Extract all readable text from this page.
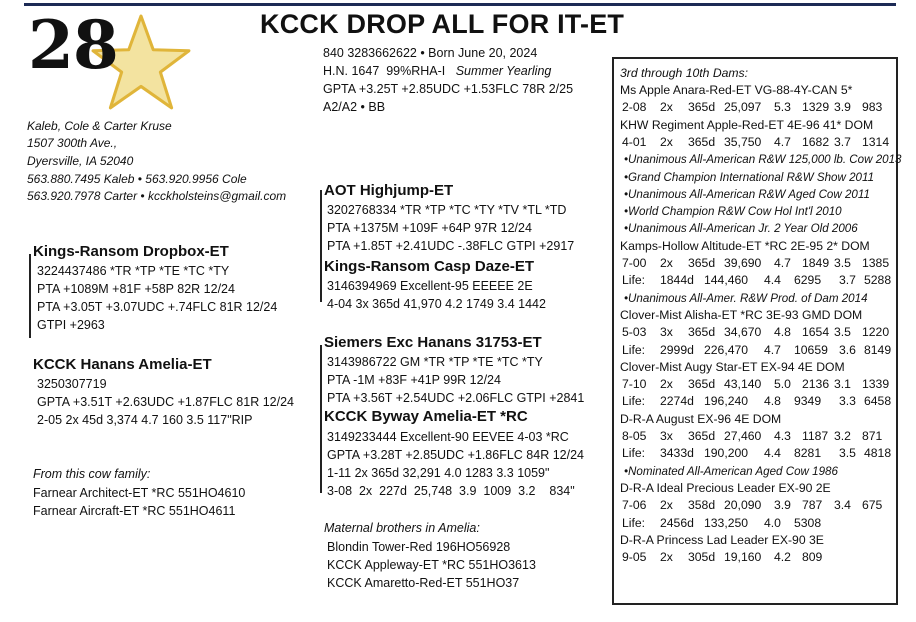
28	KCCK DROP ALL FOR IT-ET
840 3283662622 • Born June 20, 2024
H.N. 1647  99%RHA-I   Summer Yearling
GPTA +3.25T +2.85UDC +1.53FLC 78R 2/25
A2/A2 • BB
Kaleb, Cole & Carter Kruse
1507 300th Ave.,
Dyersville, IA 52040
563.880.7495 Kaleb • 563.920.9956 Cole
563.920.7978 Carter • kcckholsteins@gmail.com
Kings-Ransom Dropbox-ET
3224437486 *TR *TP *TE *TC *TY
PTA +1089M +81F +58P 82R 12/24
PTA +3.05T +3.07UDC +.74FLC 81R 12/24
GTPI +2963
KCCK Hanans Amelia-ET
3250307719
GPTA +3.51T +2.63UDC +1.87FLC 81R 12/24
2-05 2x 45d 3,374 4.7 160 3.5 117"RIP
From this cow family:
Farnear Architect-ET *RC 551HO4610
Farnear Aircraft-ET *RC 551HO4611
AOT Highjump-ET
3202768334 *TR *TP *TC *TY *TV *TL *TD
PTA +1375M +109F +64P 97R 12/24
PTA +1.85T +2.41UDC -.38FLC GTPI +2917
Kings-Ransom Casp Daze-ET
3146394969 Excellent-95 EEEEE 2E
4-04 3x 365d 41,970 4.2 1749 3.4 1442
Siemers Exc Hanans 31753-ET
3143986722 GM *TR *TP *TE *TC *TY
PTA -1M +83F +41P 99R 12/24
PTA +3.56T +2.54UDC +2.06FLC GTPI +2841
KCCK Byway Amelia-ET *RC
3149233444 Excellent-90 EEVEE 4-03 *RC
GPTA +3.28T +2.85UDC +1.86FLC 84R 12/24
1-11 2x 365d 32,291 4.0 1283 3.3 1059"
3-08  2x  227d  25,748  3.9  1009  3.2    834"
Maternal brothers in Amelia:
Blondin Tower-Red 196HO56928
KCCK Appleway-ET *RC 551HO3613
KCCK Amaretto-Red-ET 551HO37
3rd through 10th Dams:
Ms Apple Anara-Red-ET VG-88-4Y-CAN 5*
2-08 2x 365d 25,097 5.3 1329 3.9 983
KHW Regiment Apple-Red-ET 4E-96 41* DOM
4-01 2x 365d 35,750 4.7 1682 3.7 1314
•Unanimous All-American R&W 125,000 lb. Cow 2013
•Grand Champion International R&W Show 2011
•Unanimous All-American R&W Aged Cow 2011
•World Champion R&W Cow Hol Int'l 2010
•Unanimous All-American Jr. 2 Year Old 2006
Kamps-Hollow Altitude-ET *RC 2E-95 2* DOM
7-00 2x 365d 39,690 4.7 1849 3.5 1385
Life: 1844d 144,460 4.4 6295 3.7 5288
•Unanimous All-Amer. R&W Prod. of Dam 2014
Clover-Mist Alisha-ET *RC 3E-93 GMD DOM
5-03 3x 365d 34,670 4.8 1654 3.5 1220
Life: 2999d 226,470 4.7 10659 3.6 8149
Clover-Mist Augy Star-ET EX-94 4E DOM
7-10 2x 365d 43,140 5.0 2136 3.1 1339
Life: 2274d 196,240 4.8 9349 3.3 6458
D-R-A August EX-96 4E DOM
8-05 3x 365d 27,460 4.3 1187 3.2 871
Life: 3433d 190,200 4.4 8281 3.5 4818
•Nominated All-American Aged Cow 1986
D-R-A Ideal Precious Leader EX-90 2E
7-06 2x 358d 20,090 3.9 787 3.4 675
Life: 2456d 133,250 4.0 5308
D-R-A Princess Lad Leader EX-90 3E
9-05 2x 305d 19,160 4.2 809
